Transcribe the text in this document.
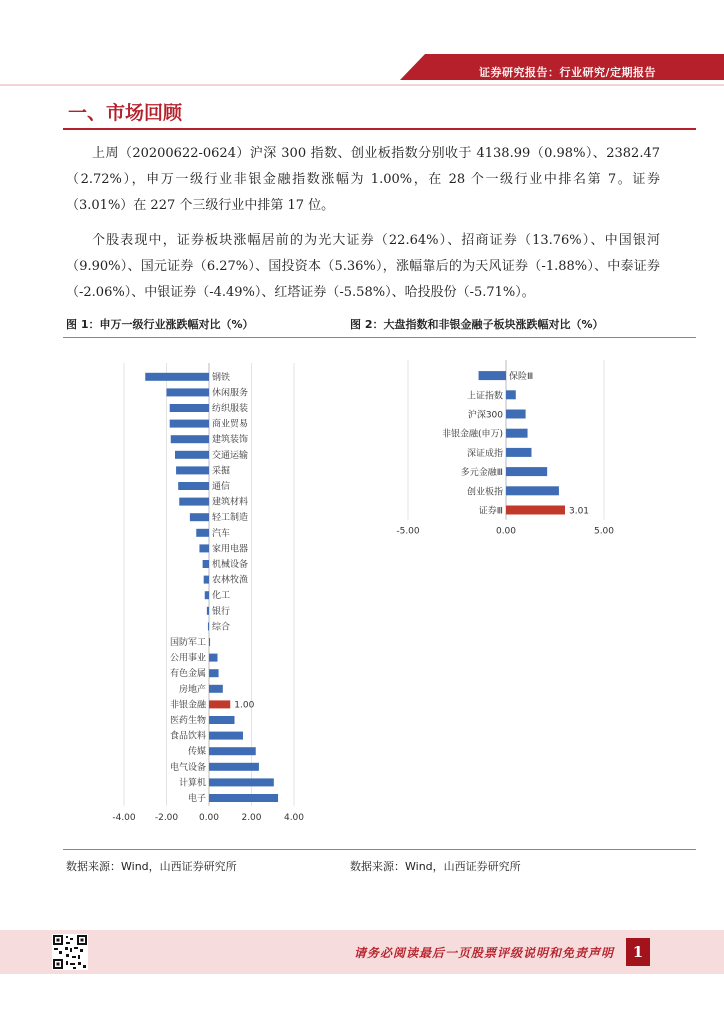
证券研究报告：行业研究/定期报告
一、市场回顾

上周（20200622-0624）沪深 300 指数、创业板指数分别收于 4138.99（0.98%）、2382.47（2.72%），申万一级行业非银金融指数涨幅为 1.00%，在 28 个一级行业中排名第 7。证券（3.01%）在 227 个三级行业中排第 17 位。

个股表现中，证券板块涨幅居前的为光大证券（22.64%）、招商证券（13.76%）、中国银河（9.90%）、国元证券（6.27%）、国投资本（5.36%），涨幅靠后的为天风证券（-1.88%）、中泰证券（-2.06%）、中银证券（-4.49%）、红塔证券（-5.58%）、哈投股份（-5.71%）。

图 1：申万一级行业涨跌幅对比（%）	图 2：大盘指数和非银金融子板块涨跌幅对比（%）
-4.00 -2.00 0.00 2.00 4.00
钢铁
休闲服务
纺织服装
商业贸易
建筑装饰
交通运输
采掘
通信
建筑材料
轻工制造
汽车
家用电器
机械设备
农林牧渔
化工
银行
综合
国防军工
公用事业
有色金属
房地产
非银金融	1.00
医药生物
食品饮料
传媒
电气设备
计算机
电子
-5.00	0.00	5.00
保险Ⅲ
上证指数
沪深300
非银金融(申万)
深证成指
多元金融Ⅲ
创业板指
证券Ⅲ	3.01
数据来源：Wind，山西证券研究所	数据来源：Wind，山西证券研究所
请务必阅读最后一页股票评级说明和免责声明	1
